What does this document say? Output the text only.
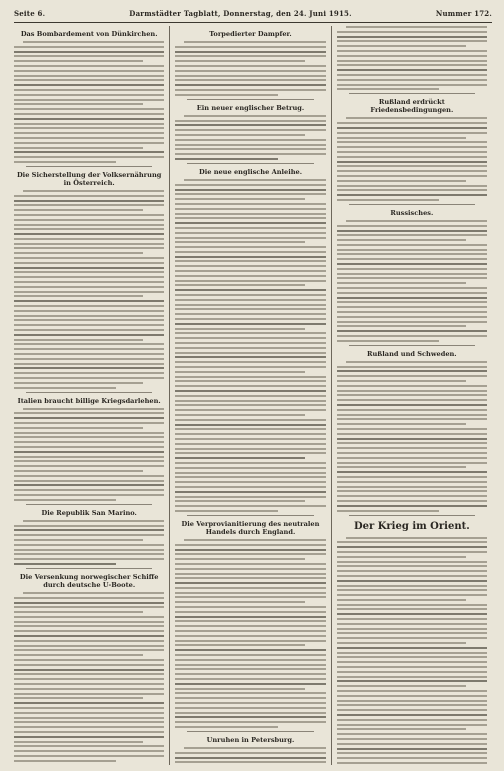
Seite 6.	Darmstädter Tagblatt, Donnerstag, den 24. Juni 1915.	Nummer 172.
Das Bombardement von Dünkirchen.
Die Sicherstellung der Volksernährung in Österreich.
Italien braucht billige Kriegsdarlehen.
Die Republik San Marino.
Die Versenkung norwegischer Schiffe durch deutsche U-Boote.
Torpedierter Dampfer.
Ein neuer englischer Betrug.
Die neue englische Anleihe.
Die Verprovianitierung des neutralen Handels durch England.
Unruhen in Petersburg.
Rußland erdrückt Friedensbedingungen.
Russisches.
Rußland und Schweden.
Der Krieg im Orient.
